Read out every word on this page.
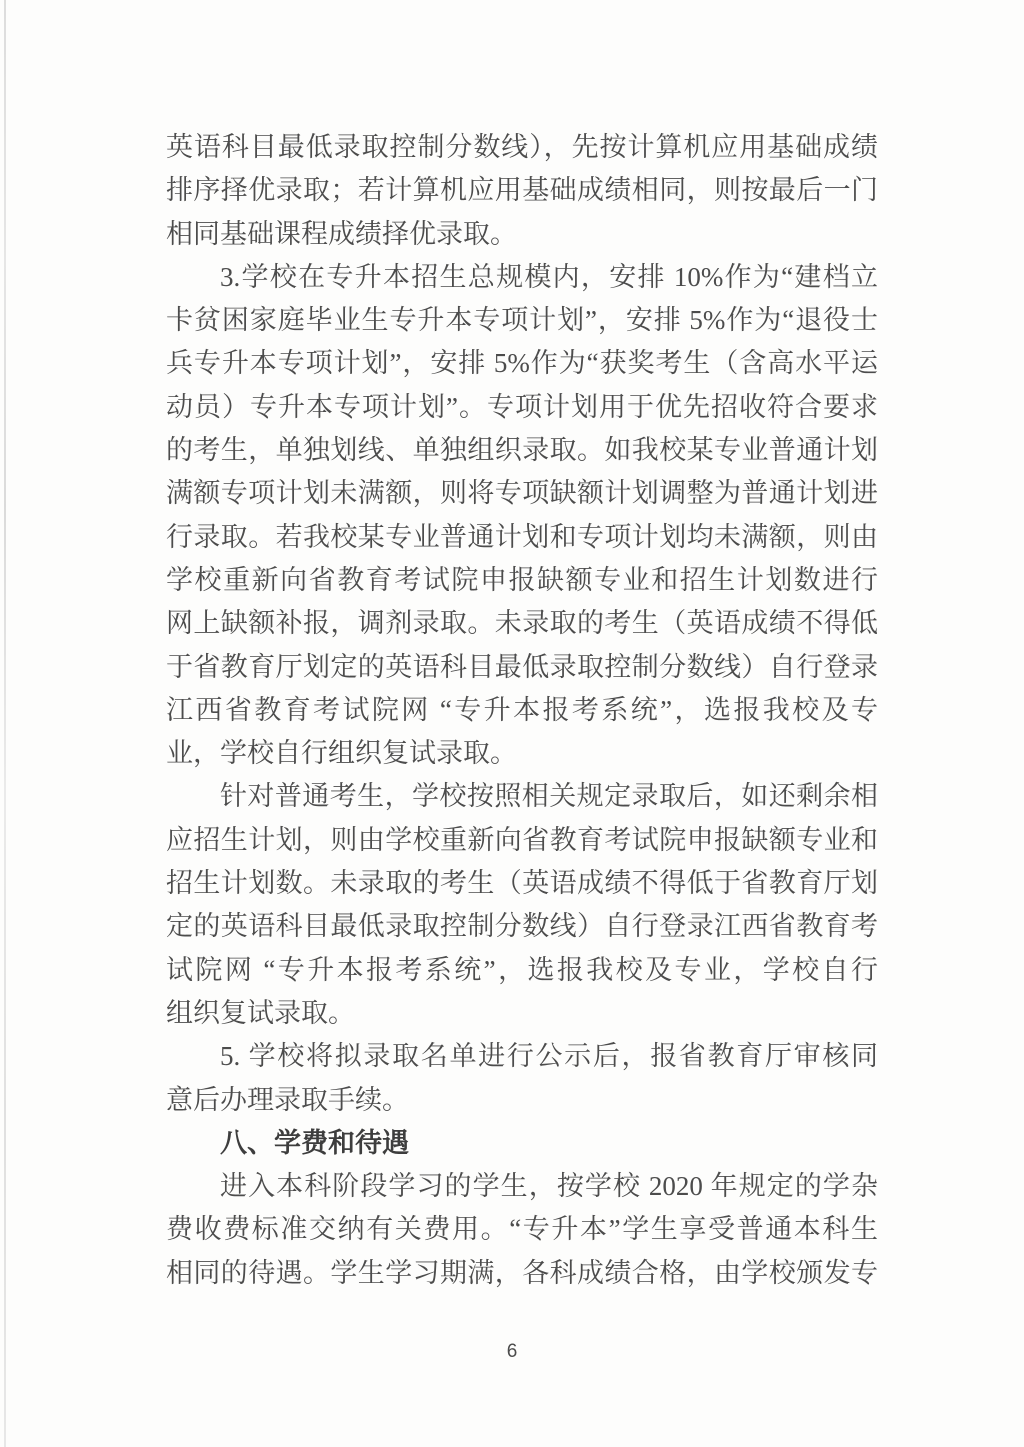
英语科目最低录取控制分数线），先按计算机应用基础成绩
排序择优录取；若计算机应用基础成绩相同，则按最后一门
相同基础课程成绩择优录取。
3.学校在专升本招生总规模内，安排 10%作为“建档立
卡贫困家庭毕业生专升本专项计划”，安排 5%作为“退役士
兵专升本专项计划”，安排 5%作为“获奖考生（含高水平运
动员）专升本专项计划”。专项计划用于优先招收符合要求
的考生，单独划线、单独组织录取。如我校某专业普通计划
满额专项计划未满额，则将专项缺额计划调整为普通计划进
行录取。若我校某专业普通计划和专项计划均未满额，则由
学校重新向省教育考试院申报缺额专业和招生计划数进行
网上缺额补报，调剂录取。未录取的考生（英语成绩不得低
于省教育厅划定的英语科目最低录取控制分数线）自行登录
江西省教育考试院网 “专升本报考系统”，选报我校及专
业，学校自行组织复试录取。
针对普通考生，学校按照相关规定录取后，如还剩余相
应招生计划，则由学校重新向省教育考试院申报缺额专业和
招生计划数。未录取的考生（英语成绩不得低于省教育厅划
定的英语科目最低录取控制分数线）自行登录江西省教育考
试院网 “专升本报考系统”，选报我校及专业，学校自行
组织复试录取。
5. 学校将拟录取名单进行公示后，报省教育厅审核同
意后办理录取手续。
八、学费和待遇
进入本科阶段学习的学生，按学校 2020 年规定的学杂
费收费标准交纳有关费用。“专升本”学生享受普通本科生
相同的待遇。学生学习期满，各科成绩合格，由学校颁发专
6
